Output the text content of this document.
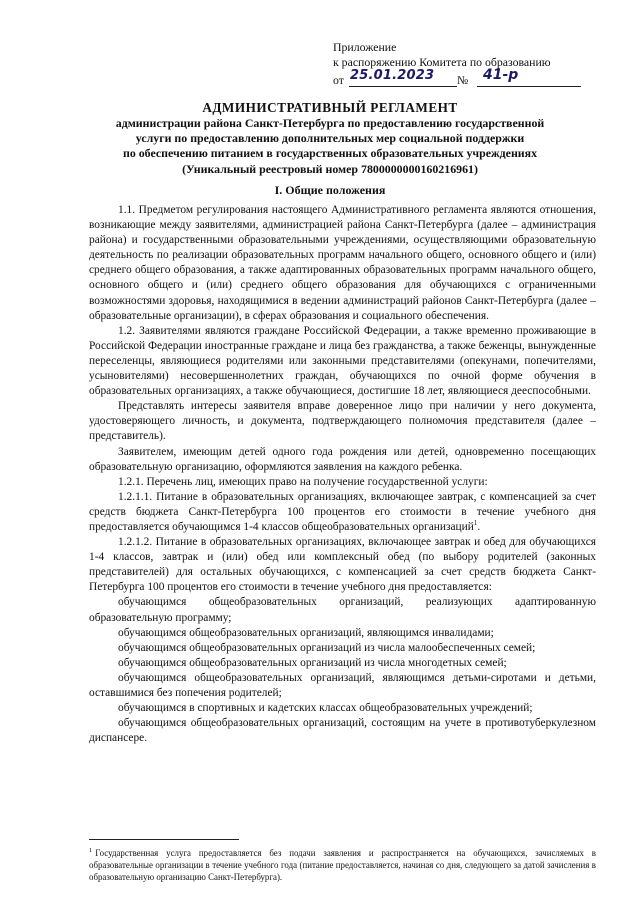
Приложение
к распоряжению Комитета по образованию
от 25.01.2023 № 41-р
АДМИНИСТРАТИВНЫЙ РЕГЛАМЕНТ
администрации района Санкт-Петербурга по предоставлению государственной
услуги по предоставлению дополнительных мер социальной поддержки
по обеспечению питанием в государственных образовательных учреждениях
(Уникальный реестровый номер 7800000000160216961)
I. Общие положения

1.1. Предметом регулирования настоящего Административного регламента являются отношения, возникающие между заявителями, администрацией района Санкт-Петербурга (далее – администрация района) и государственными образовательными учреждениями, осуществляющими образовательную деятельность по реализации образовательных программ начального общего, основного общего и (или) среднего общего образования, а также адаптированных образовательных программ начального общего, основного общего и (или) среднего общего образования для обучающихся с ограниченными возможностями здоровья, находящимися в ведении администраций районов Санкт-Петербурга (далее – образовательные организации), в сферах образования и социального обеспечения.

1.2. Заявителями являются граждане Российской Федерации, а также временно проживающие в Российской Федерации иностранные граждане и лица без гражданства, а также беженцы, вынужденные переселенцы, являющиеся родителями или законными представителями (опекунами, попечителями, усыновителями) несовершеннолетних граждан, обучающихся по очной форме обучения в образовательных организациях, а также обучающиеся, достигшие 18 лет, являющиеся дееспособными.

Представлять интересы заявителя вправе доверенное лицо при наличии у него документа, удостоверяющего личность, и документа, подтверждающего полномочия представителя (далее – представитель).

Заявителем, имеющим детей одного года рождения или детей, одновременно посещающих образовательную организацию, оформляются заявления на каждого ребенка.

1.2.1. Перечень лиц, имеющих право на получение государственной услуги:

1.2.1.1. Питание в образовательных организациях, включающее завтрак, с компенсацией за счет средств бюджета Санкт-Петербурга 100 процентов его стоимости в течение учебного дня предоставляется обучающимся 1-4 классов общеобразовательных организаций$^1$.

1.2.1.2. Питание в образовательных организациях, включающее завтрак и обед для обучающихся 1-4 классов, завтрак и (или) обед или комплексный обед (по выбору родителей (законных представителей) для остальных обучающихся, с компенсацией за счет средств бюджета Санкт-Петербурга 100 процентов его стоимости в течение учебного дня предоставляется:

обучающимся общеобразовательных организаций, реализующих адаптированную образовательную программу;

обучающимся общеобразовательных организаций, являющимся инвалидами;

обучающимся общеобразовательных организаций из числа малообеспеченных семей;

обучающимся общеобразовательных организаций из числа многодетных семей;

обучающимся общеобразовательных организаций, являющимся детьми-сиротами и детьми, оставшимися без попечения родителей;

обучающимся в спортивных и кадетских классах общеобразовательных учреждений;

обучающимся общеобразовательных организаций, состоящим на учете в противотуберкулезном диспансере.

$^1$ Государственная услуга предоставляется без подачи заявления и распространяется на обучающихся, зачисляемых в образовательные организации в течение учебного года (питание предоставляется, начиная со дня, следующего за датой зачисления в образовательную организацию Санкт-Петербурга).
